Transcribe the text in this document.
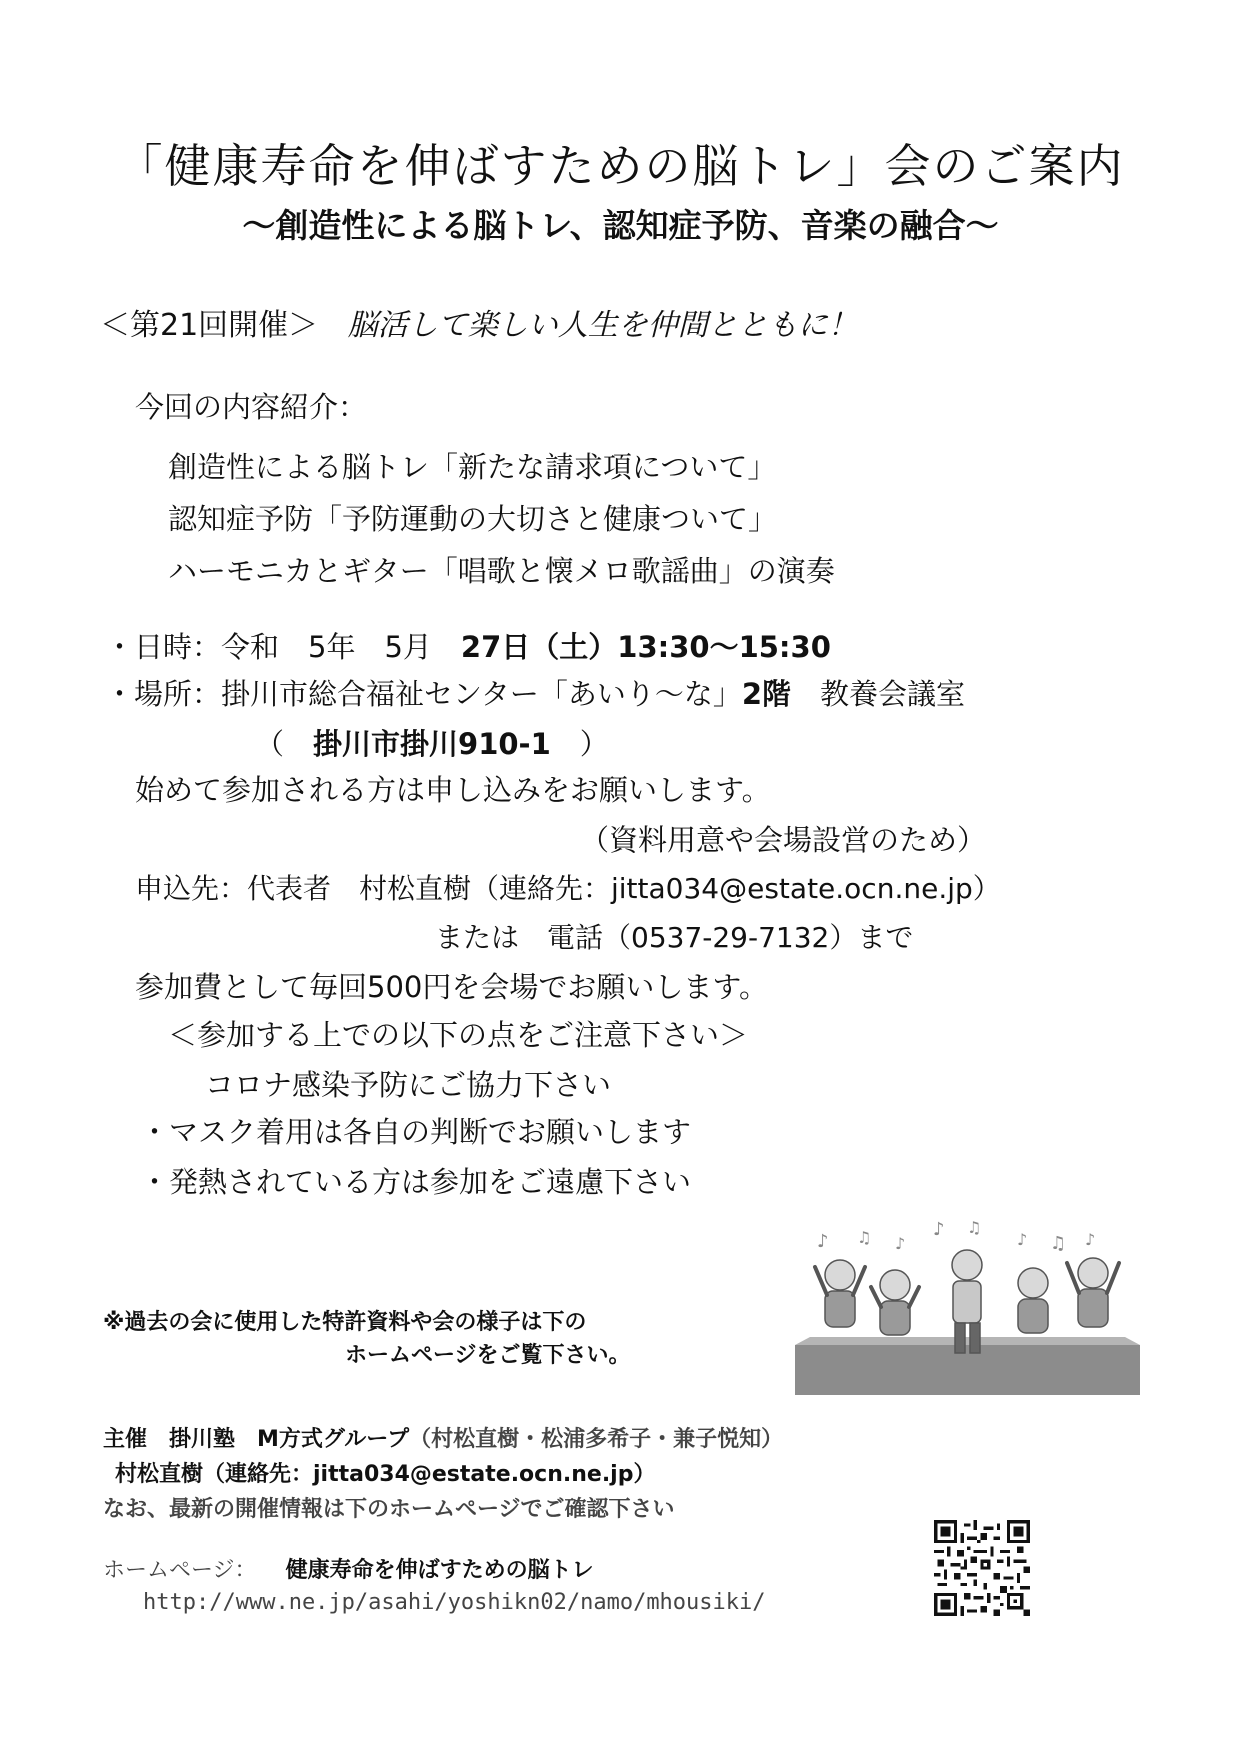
「健康寿命を伸ばすための脳トレ」会のご案内
～創造性による脳トレ、認知症予防、音楽の融合～
＜第21回開催＞ 脳活して楽しい人生を仲間とともに！
今回の内容紹介：
創造性による脳トレ「新たな請求項について」
認知症予防「予防運動の大切さと健康ついて」
ハーモニカとギター「唱歌と懐メロ歌謡曲」の演奏
・日時：令和　5年　5月　27日（土）13:30～15:30
・場所：掛川市総合福祉センター「あいり～な」2階　教養会議室
（　掛川市掛川910-1　）
始めて参加される方は申し込みをお願いします。
（資料用意や会場設営のため）
申込先：代表者　村松直樹（連絡先：jitta034@estate.ocn.ne.jp）
または　電話（0537-29-7132）まで
参加費として毎回500円を会場でお願いします。
＜参加する上での以下の点をご注意下さい＞
コロナ感染予防にご協力下さい
・マスク着用は各自の判断でお願いします
・発熱されている方は参加をご遠慮下さい
※過去の会に使用した特許資料や会の様子は下の
ホームページをご覧下さい。
♪ ♫ ♪
♪ ♫
♪ ♫ ♪
主催　掛川塾　M方式グループ（村松直樹・松浦多希子・兼子悦知）
村松直樹（連絡先：jitta034@estate.ocn.ne.jp）
なお、最新の開催情報は下のホームページでご確認下さい
ホームページ： 健康寿命を伸ばすための脳トレ
http://www.ne.jp/asahi/yoshikn02/namo/mhousiki/
